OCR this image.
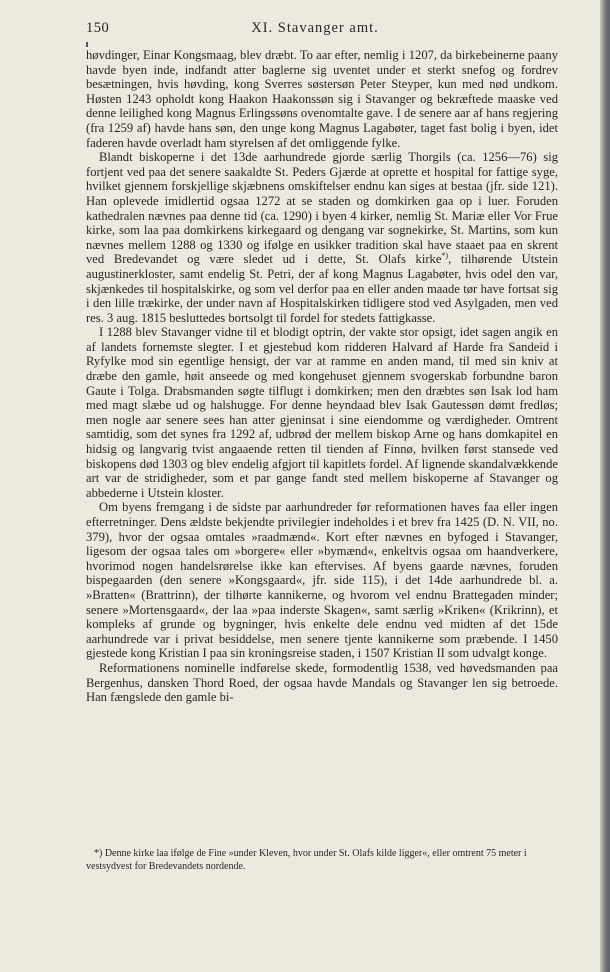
150	XI. Stavanger amt.

høvdinger, Einar Kongsmaag, blev dræbt. To aar efter, nemlig i 1207, da birkebeinerne paany havde byen inde, indfandt atter baglerne sig uventet under et sterkt snefog og fordrev besætningen, hvis høvding, kong Sverres søstersøn Peter Steyper, kun med nød undkom. Høsten 1243 opholdt kong Haakon Haakonssøn sig i Stavanger og bekræftede maaske ved denne leilighed kong Magnus Erlingssøns ovenomtalte gave. I de senere aar af hans regjering (fra 1259 af) havde hans søn, den unge kong Magnus Lagabøter, taget fast bolig i byen, idet faderen havde overladt ham styrelsen af det omliggende fylke.

Blandt biskoperne i det 13de aarhundrede gjorde særlig Thorgils (ca. 1256—76) sig fortjent ved paa det senere saakaldte St. Peders Gjærde at oprette et hospital for fattige syge, hvilket gjennem forskjellige skjæbnens omskiftelser endnu kan siges at bestaa (jfr. side 121). Han oplevede imidlertid ogsaa 1272 at se staden og domkirken gaa op i luer. Foruden kathedralen nævnes paa denne tid (ca. 1290) i byen 4 kirker, nemlig St. Mariæ eller Vor Frue kirke, som laa paa domkirkens kirkegaard og dengang var sognekirke, St. Martins, som kun nævnes mellem 1288 og 1330 og ifølge en usikker tradition skal have staaet paa en skrent ved Bredevandet og være sledet ud i dette, St. Olafs kirke*), tilhørende Utstein augustinerkloster, samt endelig St. Petri, der af kong Magnus Lagabøter, hvis odel den var, skjænkedes til hospitalskirke, og som vel derfor paa en eller anden maade tør have fortsat sig i den lille trækirke, der under navn af Hospitalskirken tidligere stod ved Asylgaden, men ved res. 3 aug. 1815 besluttedes bortsolgt til fordel for stedets fattigkasse.

I 1288 blev Stavanger vidne til et blodigt optrin, der vakte stor opsigt, idet sagen angik en af landets fornemste slegter. I et gjestebud kom ridderen Halvard af Harde fra Sandeid i Ryfylke mod sin egentlige hensigt, der var at ramme en anden mand, til med sin kniv at dræbe den gamle, høit anseede og med kongehuset gjennem svogerskab forbundne baron Gaute i Tolga. Drabsmanden søgte tilflugt i domkirken; men den dræbtes søn Isak lod ham med magt slæbe ud og halshugge. For denne heyndaad blev Isak Gautessøn dømt fredløs; men nogle aar senere sees han atter gjeninsat i sine eiendomme og værdigheder. Omtrent samtidig, som det synes fra 1292 af, udbrød der mellem biskop Arne og hans domkapitel en hidsig og langvarig tvist angaaende retten til tienden af Finnø, hvilken først stansede ved biskopens død 1303 og blev endelig afgjort til kapitlets fordel. Af lignende skandalvækkende art var de stridigheder, som et par gange fandt sted mellem biskoperne af Stavanger og abbederne i Utstein kloster.

Om byens fremgang i de sidste par aarhundreder før reformationen haves faa eller ingen efterretninger. Dens ældste bekjendte privilegier indeholdes i et brev fra 1425 (D. N. VII, no. 379), hvor der ogsaa omtales »raadmænd«. Kort efter nævnes en byfoged i Stavanger, ligesom der ogsaa tales om »borgere« eller »bymænd«, enkeltvis ogsaa om haandverkere, hvorimod nogen handelsrørelse ikke kan eftervises. Af byens gaarde nævnes, foruden bispegaarden (den senere »Kongsgaard«, jfr. side 115), i det 14de aarhundrede bl. a. »Bratten« (Brattrinn), der tilhørte kannikerne, og hvorom vel endnu Brattegaden minder; senere »Mortensgaard«, der laa »paa inderste Skagen«, samt særlig »Kriken« (Krikrinn), et kompleks af grunde og bygninger, hvis enkelte dele endnu ved midten af det 15de aarhundrede var i privat besiddelse, men senere tjente kannikerne som præbende. I 1450 gjestede kong Kristian I paa sin kroningsreise staden, i 1507 Kristian II som udvalgt konge.

Reformationens nominelle indførelse skede, formodentlig 1538, ved høvedsmanden paa Bergenhus, dansken Thord Roed, der ogsaa havde Mandals og Stavanger len sig betroede. Han fængslede den gamle bi-

*) Denne kirke laa ifølge de Fine »under Kleven, hvor under St. Olafs kilde ligger«, eller omtrent 75 meter i vestsydvest for Bredevandets nordende.
